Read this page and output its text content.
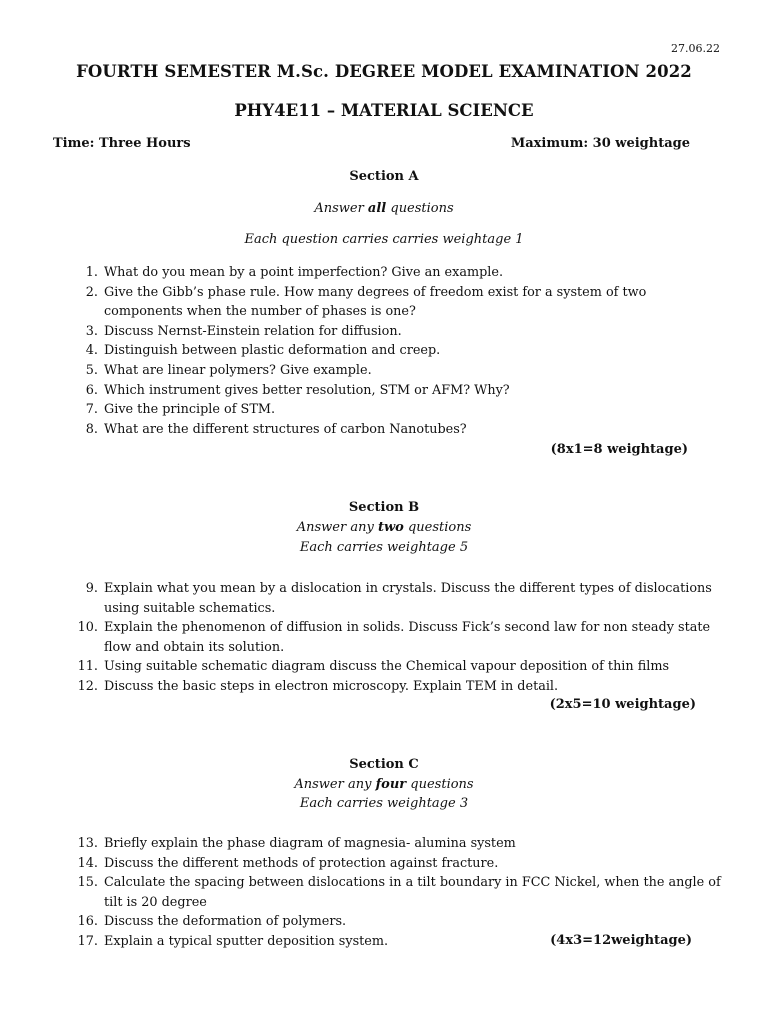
27.06.22
FOURTH SEMESTER M.Sc. DEGREE MODEL EXAMINATION 2022
PHY4E11 – MATERIAL SCIENCE
Time: Three Hours	Maximum: 30 weightage
Section A
Answer all questions
Each question carries carries weightage 1
1. What do you mean by a point imperfection? Give an example.
2. Give the Gibb’s phase rule. How many degrees of freedom exist for a system of two components when the number of phases is one?
3. Discuss Nernst-Einstein relation for diffusion.
4. Distinguish between plastic deformation and creep.
5. What are linear polymers? Give example.
6. Which instrument gives better resolution, STM or AFM? Why?
7. Give the principle of STM.
8. What are the different structures of carbon Nanotubes?
(8x1=8 weightage)
Section B
Answer any two questions
Each carries weightage 5
9. Explain what you mean by a dislocation in crystals. Discuss the different types of dislocations using suitable schematics.
10. Explain the phenomenon of diffusion in solids. Discuss Fick’s second law for non steady state flow and obtain its solution.
11. Using suitable schematic diagram discuss the Chemical vapour deposition of thin films
12. Discuss the basic steps in electron microscopy. Explain TEM in detail.
(2x5=10 weightage)
Section C
Answer any four questions
Each carries weightage 3
13. Briefly explain the phase diagram of magnesia- alumina system
14. Discuss the different methods of protection against fracture.
15. Calculate the spacing between dislocations in a tilt boundary in FCC Nickel, when the angle of tilt is 20 degree
16. Discuss the deformation of polymers.
17. Explain a typical sputter deposition system.	(4x3=12weightage)
